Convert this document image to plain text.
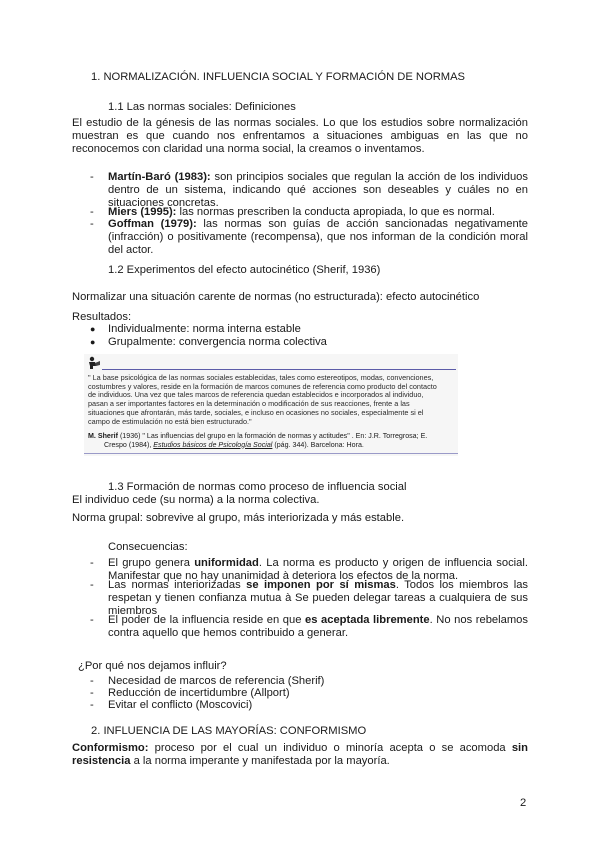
1. NORMALIZACIÓN. INFLUENCIA SOCIAL Y FORMACIÓN DE NORMAS
1.1 Las normas sociales: Definiciones
El estudio de la génesis de las normas sociales. Lo que los estudios sobre normalización
muestran es que cuando nos enfrentamos a situaciones ambiguas en las que no
reconocemos con claridad una norma social, la creamos o inventamos.
- Martín-Baró (1983): son principios sociales que regulan la acción de los individuos
dentro de un sistema, indicando qué acciones son deseables y cuáles no en
situaciones concretas.
- Miers (1995): las normas prescriben la conducta apropiada, lo que es normal.
- Goffman (1979): las normas son guías de acción sancionadas negativamente
(infracción) o positivamente (recompensa), que nos informan de la condición moral
del actor.
1.2 Experimentos del efecto autocinético (Sherif, 1936)
Normalizar una situación carente de normas (no estructurada): efecto autocinético
Resultados:
● Individualmente: norma interna estable
● Grupalmente: convergencia norma colectiva
" La base psicológica de las normas sociales establecidas, tales como estereotipos, modas, convenciones,
costumbres y valores, reside en la formación de marcos comunes de referencia como producto del contacto
de individuos. Una vez que tales marcos de referencia quedan establecidos e incorporados al individuo,
pasan a ser importantes factores en la determinación o modificación de sus reacciones, frente a las
situaciones que afrontarán, más tarde, sociales, e incluso en ocasiones no sociales, especialmente si el
campo de estimulación no está bien estructurado."
M. Sherif (1936) " Las influencias del grupo en la formación de normas y actitudes" . En: J.R. Torregrosa; E.
Crespo (1984), Estudios básicos de Psicología Social (pág. 344). Barcelona: Hora.
1.3 Formación de normas como proceso de influencia social
El individuo cede (su norma) a la norma colectiva.
Norma grupal: sobrevive al grupo, más interiorizada y más estable.
Consecuencias:
- El grupo genera uniformidad. La norma es producto y origen de influencia social.
Manifestar que no hay unanimidad à deteriora los efectos de la norma.
- Las normas interiorizadas se imponen por sí mismas. Todos los miembros las
respetan y tienen confianza mutua à Se pueden delegar tareas a cualquiera de sus
miembros
- El poder de la influencia reside en que es aceptada libremente. No nos rebelamos
contra aquello que hemos contribuido a generar.
¿Por qué nos dejamos influir?
- Necesidad de marcos de referencia (Sherif)
- Reducción de incertidumbre (Allport)
- Evitar el conflicto (Moscovici)
2. INFLUENCIA DE LAS MAYORÍAS: CONFORMISMO
Conformismo: proceso por el cual un individuo o minoría acepta o se acomoda sin
resistencia a la norma imperante y manifestada por la mayoría.
2
